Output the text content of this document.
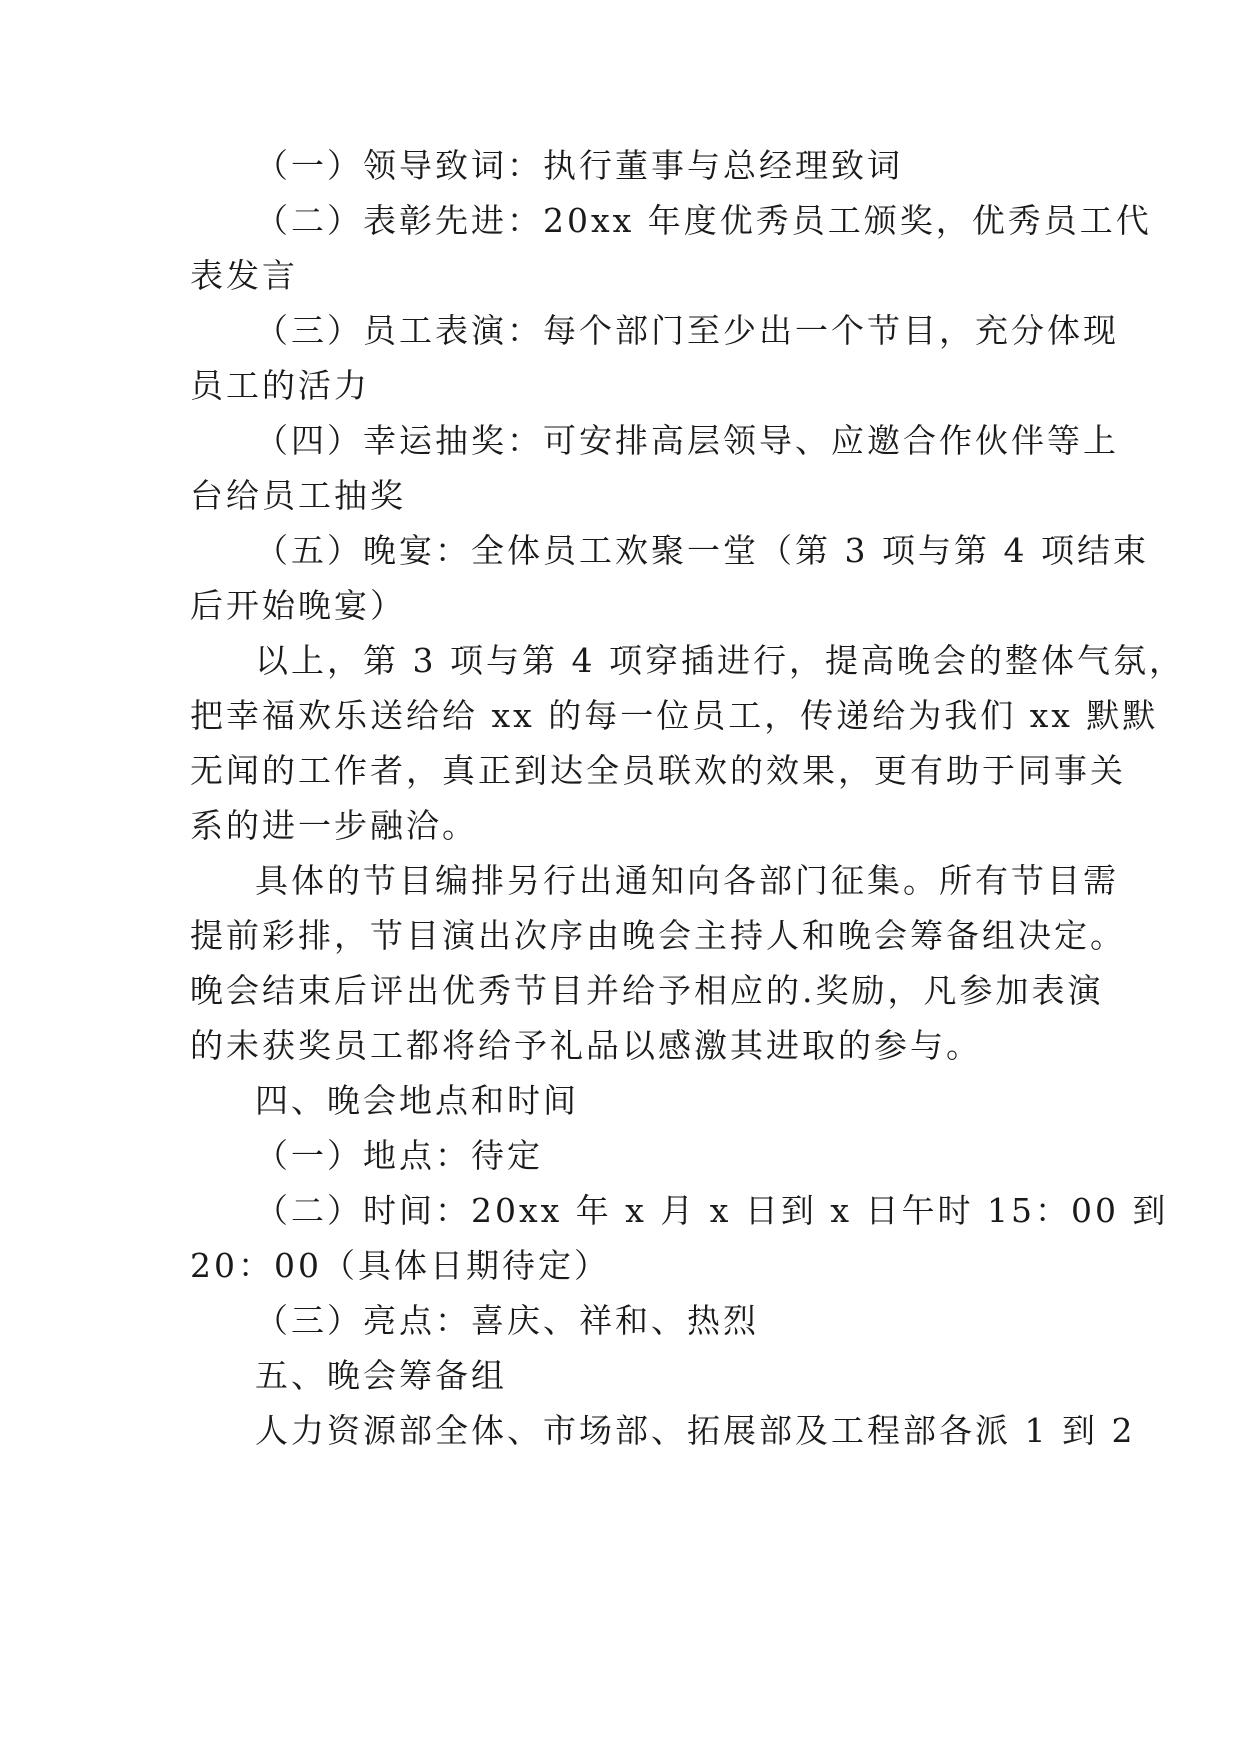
（一）领导致词：执行董事与总经理致词
（二）表彰先进：20xx 年度优秀员工颁奖，优秀员工代
表发言
（三）员工表演：每个部门至少出一个节目，充分体现
员工的活力
（四）幸运抽奖：可安排高层领导、应邀合作伙伴等上
台给员工抽奖
（五）晚宴：全体员工欢聚一堂（第 3 项与第 4 项结束
后开始晚宴）
以上，第 3 项与第 4 项穿插进行，提高晚会的整体气氛，
把幸福欢乐送给给 xx 的每一位员工，传递给为我们 xx 默默
无闻的工作者，真正到达全员联欢的效果，更有助于同事关
系的进一步融洽。
具体的节目编排另行出通知向各部门征集。所有节目需
提前彩排，节目演出次序由晚会主持人和晚会筹备组决定。
晚会结束后评出优秀节目并给予相应的.奖励，凡参加表演
的未获奖员工都将给予礼品以感激其进取的参与。
四、晚会地点和时间
（一）地点：待定
（二）时间：20xx 年 x 月 x 日到 x 日午时 15：00 到
20：00（具体日期待定）
（三）亮点：喜庆、祥和、热烈
五、晚会筹备组
人力资源部全体、市场部、拓展部及工程部各派 1 到 2
